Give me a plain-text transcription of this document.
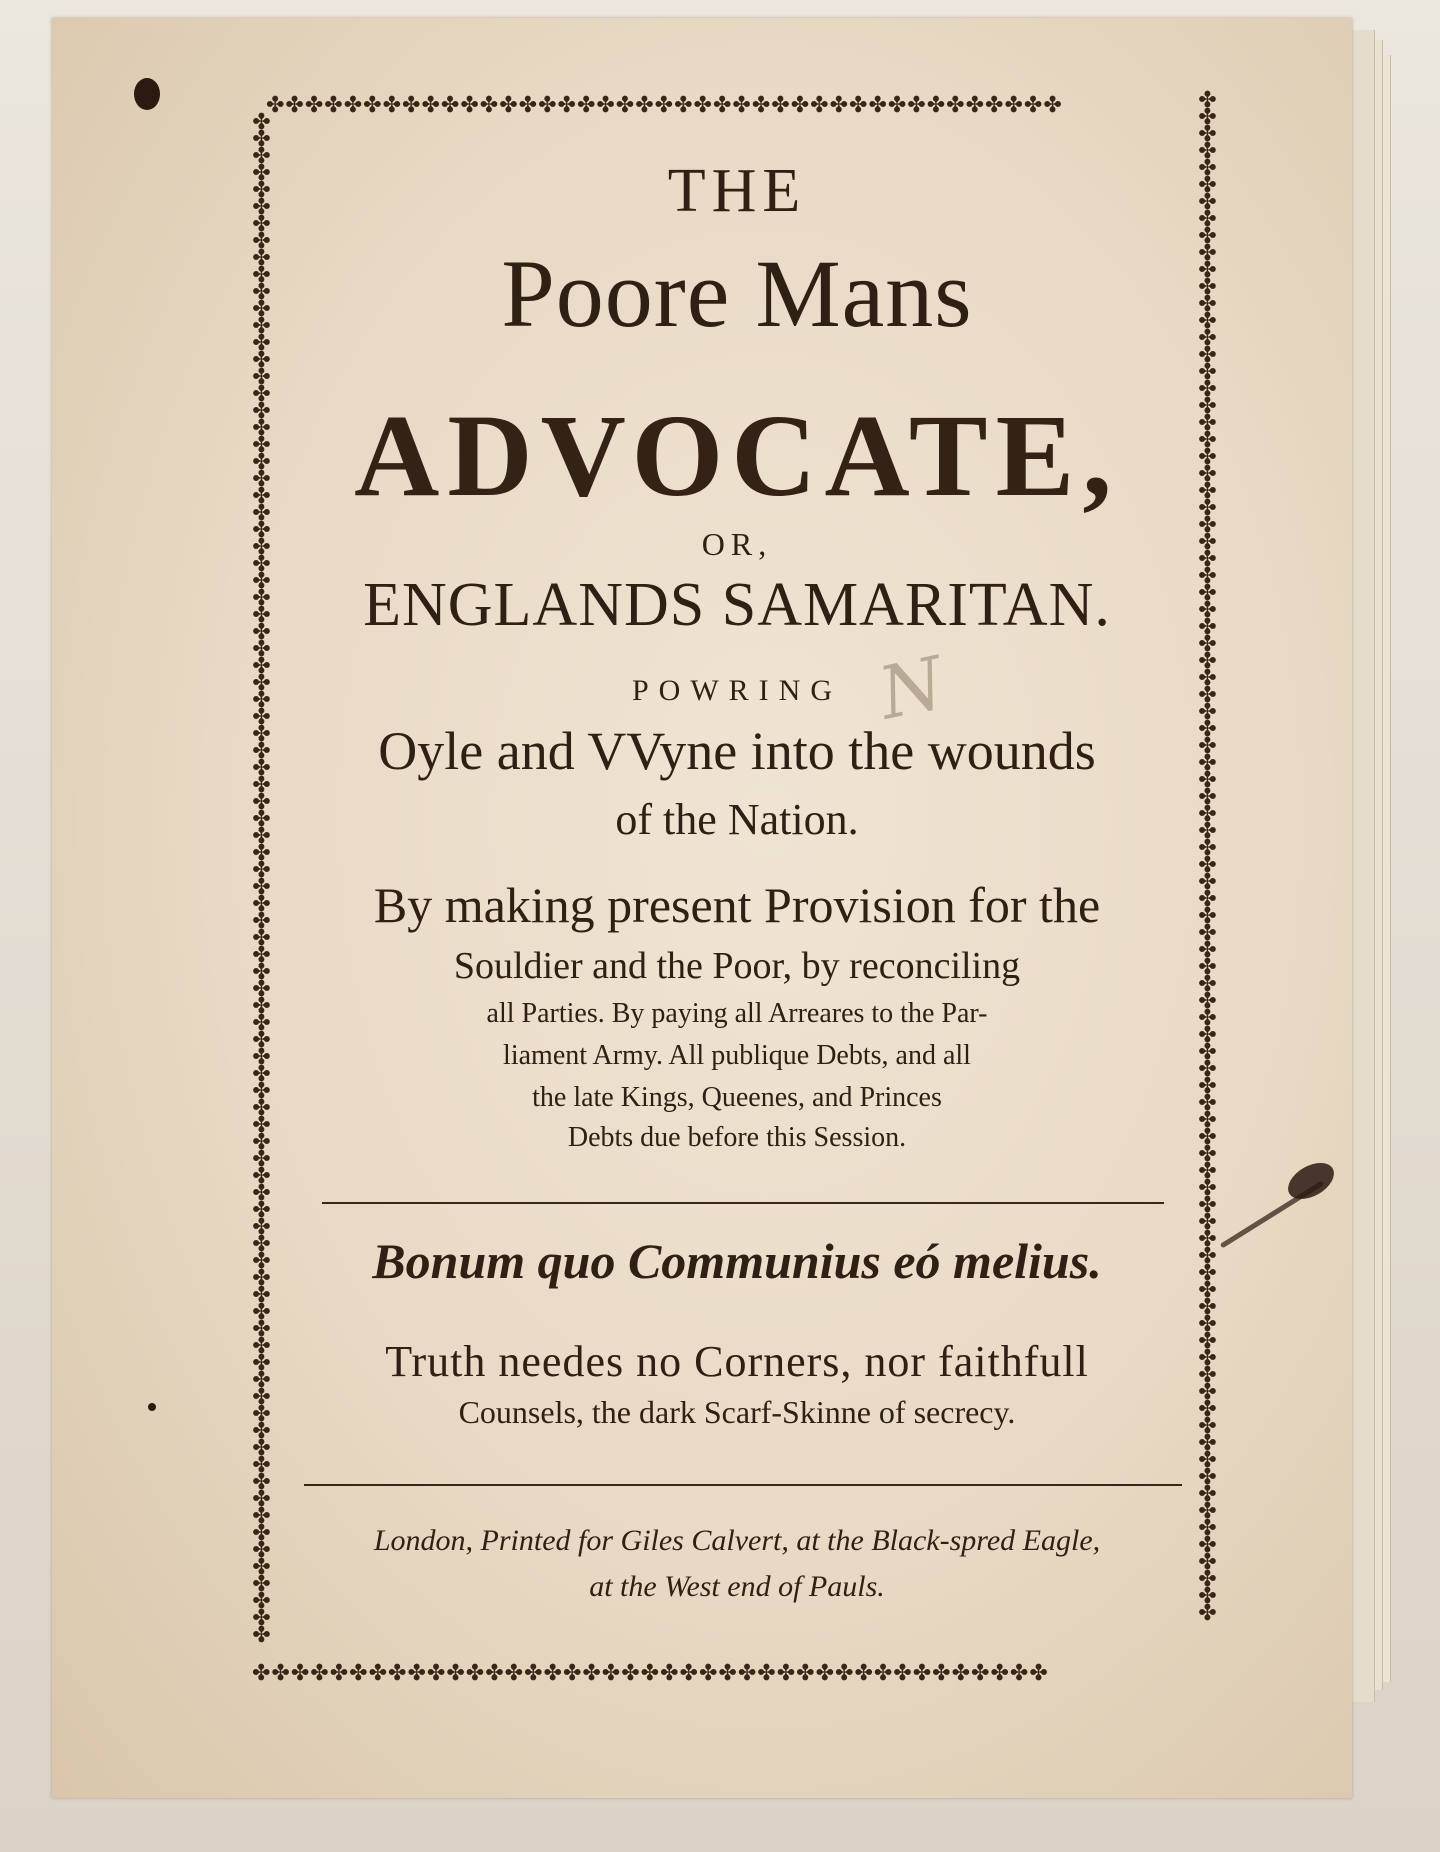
✤✤✤✤✤✤✤✤✤✤✤✤✤✤✤✤✤✤✤✤✤✤✤✤✤✤✤✤✤✤✤✤✤✤✤✤✤✤✤✤✤
✤✤✤✤✤✤✤✤✤✤✤✤✤✤✤✤✤✤✤✤✤✤✤✤✤✤✤✤✤✤✤✤✤✤✤✤✤✤✤✤✤
✤✤✤✤✤✤✤✤✤✤✤✤✤✤✤✤✤✤✤✤✤✤✤✤✤✤✤✤✤✤✤✤✤✤✤✤✤✤✤✤✤✤✤✤✤✤✤✤✤✤✤✤✤✤✤✤✤✤✤✤✤✤✤✤✤✤✤✤✤✤✤✤✤✤✤✤✤✤✤✤✤✤✤✤✤✤✤✤✤✤
✤✤✤✤✤✤✤✤✤✤✤✤✤✤✤✤✤✤✤✤✤✤✤✤✤✤✤✤✤✤✤✤✤✤✤✤✤✤✤✤✤✤✤✤✤✤✤✤✤✤✤✤✤✤✤✤✤✤✤✤✤✤✤✤✤✤✤✤✤✤✤✤✤✤✤✤✤✤✤✤✤✤✤✤✤✤✤✤✤✤
THE
Poore Mans
ADVOCATE,
OR,
ENGLANDS SAMARITAN.
POWRING N
Oyle and VVyne into the wounds
of the Nation.
By making present Provision for the
Souldier and the Poor, by reconciling
all Parties. By paying all Arreares to the Par-
liament Army. All publique Debts, and all
the late Kings, Queenes, and Princes
Debts due before this Session.
Bonum quo Communius eó melius.
Truth needes no Corners, nor faithfull
Counsels, the dark Scarf-Skinne of secrecy.
London, Printed for Giles Calvert, at the Black-spred Eagle,
at the West end of Pauls.
